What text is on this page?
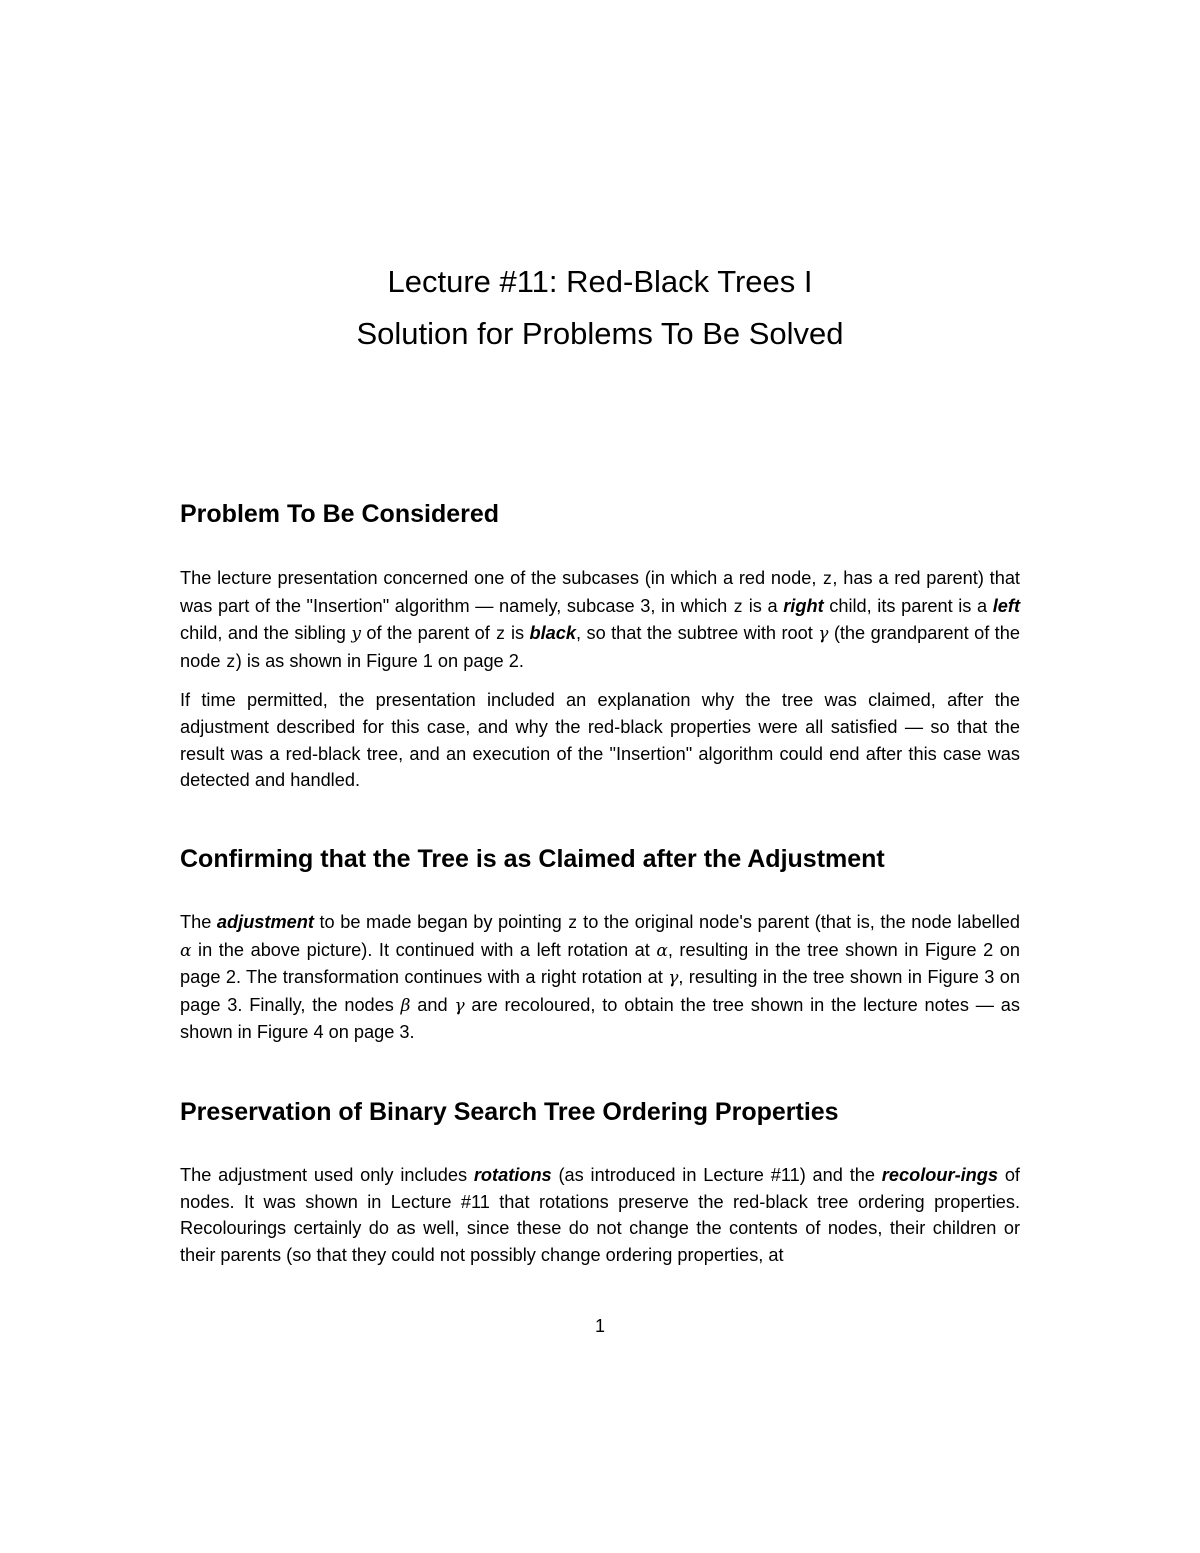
Lecture #11: Red-Black Trees I
Solution for Problems To Be Solved
Problem To Be Considered

The lecture presentation concerned one of the subcases (in which a red node, z, has a red parent) that was part of the "Insertion" algorithm — namely, subcase 3, in which z is a right child, its parent is a left child, and the sibling y of the parent of z is black, so that the subtree with root γ (the grandparent of the node z) is as shown in Figure 1 on page 2.

If time permitted, the presentation included an explanation why the tree was claimed, after the adjustment described for this case, and why the red-black properties were all satisfied — so that the result was a red-black tree, and an execution of the "Insertion" algorithm could end after this case was detected and handled.

Confirming that the Tree is as Claimed after the Adjustment

The adjustment to be made began by pointing z to the original node's parent (that is, the node labelled α in the above picture). It continued with a left rotation at α, resulting in the tree shown in Figure 2 on page 2. The transformation continues with a right rotation at γ, resulting in the tree shown in Figure 3 on page 3. Finally, the nodes β and γ are recoloured, to obtain the tree shown in the lecture notes — as shown in Figure 4 on page 3.

Preservation of Binary Search Tree Ordering Properties

The adjustment used only includes rotations (as introduced in Lecture #11) and the recolour-ings of nodes. It was shown in Lecture #11 that rotations preserve the red-black tree ordering properties. Recolourings certainly do as well, since these do not change the contents of nodes, their children or their parents (so that they could not possibly change ordering properties, at

1
